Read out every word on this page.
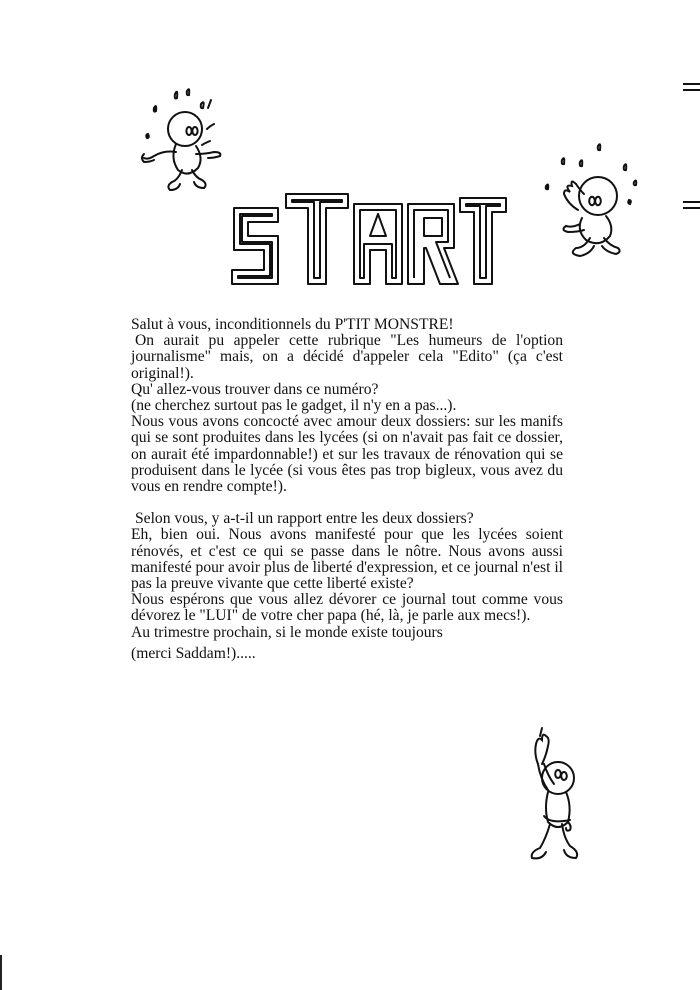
Salut à vous, inconditionnels du P'TIT MONSTRE!

On aurait pu appeler cette rubrique "Les humeurs de l'option journalisme" mais, on a décidé d'appeler cela "Edito" (ça c'est original!).

Qu' allez-vous trouver dans ce numéro?

(ne cherchez surtout pas le gadget, il n'y en a pas...).

Nous vous avons concocté avec amour deux dossiers: sur les manifs qui se sont produites dans les lycées (si on n'avait pas fait ce dossier, on aurait été impardonnable!) et sur les travaux de rénovation qui se produisent dans le lycée (si vous êtes pas trop bigleux, vous avez du vous en rendre compte!).

Selon vous, y a-t-il un rapport entre les deux dossiers?

Eh, bien oui. Nous avons manifesté pour que les lycées soient rénovés, et c'est ce qui se passe dans le nôtre. Nous avons aussi manifesté pour avoir plus de liberté d'expression, et ce journal n'est il pas la preuve vivante que cette liberté existe?

Nous espérons que vous allez dévorer ce journal tout comme vous dévorez le "LUI" de votre cher papa (hé, là, je parle aux mecs!).

Au trimestre prochain, si le monde existe toujours

(merci Saddam!).....
